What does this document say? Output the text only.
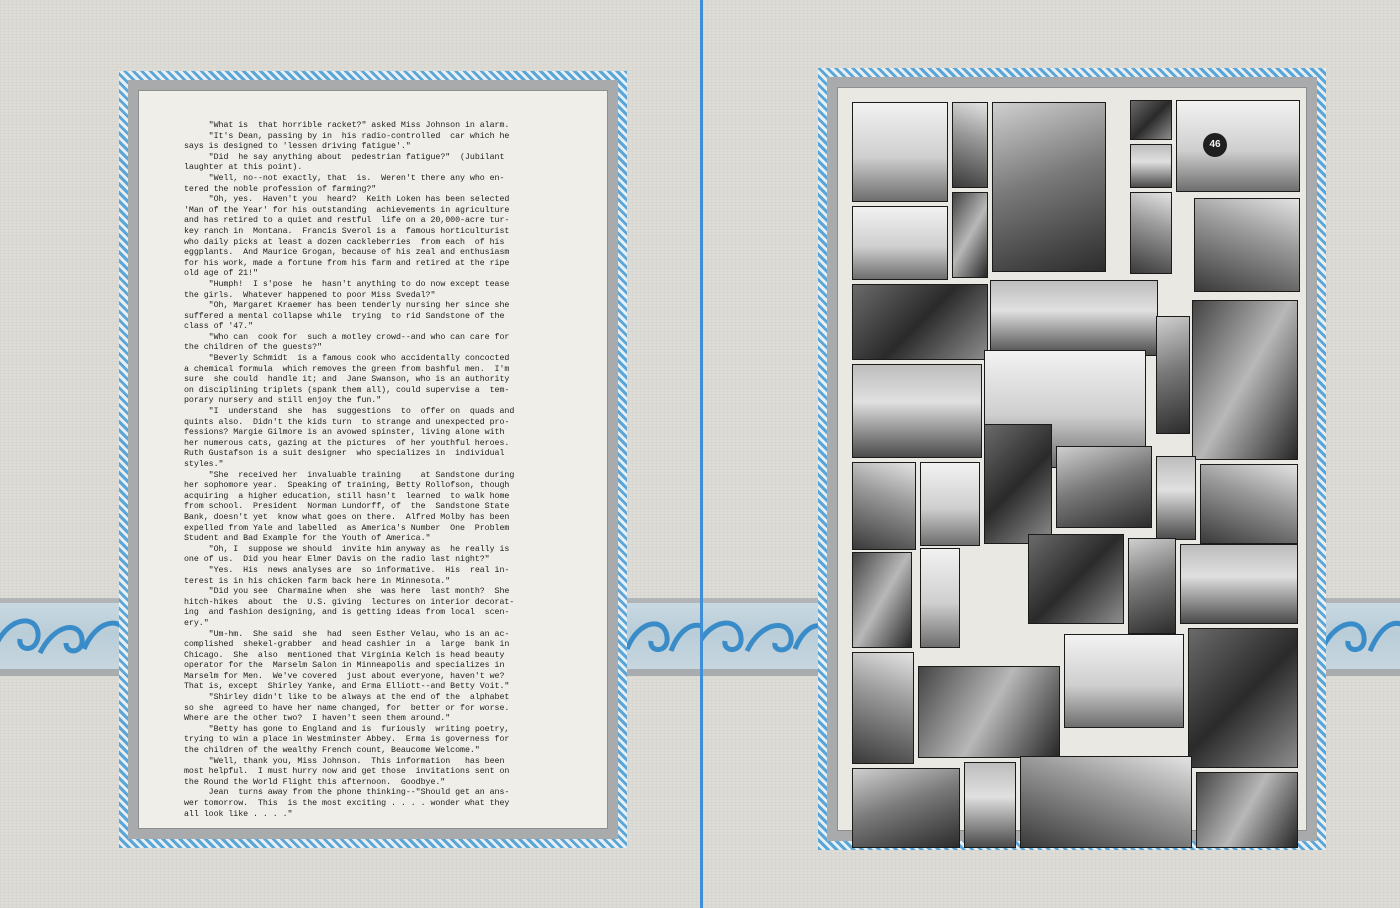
"What is  that horrible racket?" asked Miss Johnson in alarm.

"It's Dean, passing by in  his radio-controlled  car which he
says is designed to 'lessen driving fatigue'."

"Did  he say anything about  pedestrian fatigue?"  (Jubilant
laughter at this point).

"Well, no--not exactly, that  is.  Weren't there any who en-
tered the noble profession of farming?"

"Oh, yes.  Haven't you  heard?  Keith Loken has been selected
'Man of the Year' for his outstanding  achievements in agriculture
and has retired to a quiet and restful  life on a 20,000-acre tur-
key ranch in  Montana.  Francis Sverol is a  famous horticulturist
who daily picks at least a dozen cackleberries  from each  of his
eggplants.  And Maurice Grogan, because of his zeal and enthusiasm
for his work, made a fortune from his farm and retired at the ripe
old age of 21!"

"Humph!  I s'pose  he  hasn't anything to do now except tease
the girls.  Whatever happened to poor Miss Svedal?"

"Oh, Margaret Kraemer has been tenderly nursing her since she
suffered a mental collapse while  trying  to rid Sandstone of the
class of '47."

"Who can  cook for  such a motley crowd--and who can care for
the children of the guests?"

"Beverly Schmidt  is a famous cook who accidentally concocted
a chemical formula  which removes the green from bashful men.  I'm
sure  she could  handle it; and  Jane Swanson, who is an authority
on disciplining triplets (spank them all), could supervise a  tem-
porary nursery and still enjoy the fun."

"I  understand  she  has  suggestions  to  offer on  quads and
quints also.  Didn't the kids turn  to strange and unexpected pro-
fessions? Margie Gilmore is an avowed spinster, living alone with
her numerous cats, gazing at the pictures  of her youthful heroes.
Ruth Gustafson is a suit designer  who specializes in  individual
styles."

"She  received her  invaluable training    at Sandstone during
her sophomore year.  Speaking of training, Betty Rollofson, though
acquiring  a higher education, still hasn't  learned  to walk home
from school.  President  Norman Lundorff, of  the  Sandstone State
Bank, doesn't yet  know what goes on there.  Alfred Molby has been
expelled from Yale and labelled  as America's Number  One  Problem
Student and Bad Example for the Youth of America."

"Oh, I  suppose we should  invite him anyway as  he really is
one of us.  Did you hear Elmer Davis on the radio last night?"

"Yes.  His  news analyses are  so informative.  His  real in-
terest is in his chicken farm back here in Minnesota."

"Did you see  Charmaine when  she  was here  last month?  She
hitch-hikes  about  the  U.S. giving  lectures on interior decorat-
ing  and fashion designing, and is getting ideas from local  scen-
ery."

"Um-hm.  She said  she  had  seen Esther Velau, who is an ac-
complished  shekel-grabber  and head cashier in  a  large  bank in
Chicago.  She  also  mentioned that Virginia Kelch is head beauty
operator for the  Marselm Salon in Minneapolis and specializes in
Marselm for Men.  We've covered  just about everyone, haven't we?
That is, except  Shirley Yanke, and Erma Elliott--and Betty Voit."

"Shirley didn't like to be always at the end of the  alphabet
so she  agreed to have her name changed, for  better or for worse.
Where are the other two?  I haven't seen them around."

"Betty has gone to England and is  furiously  writing poetry,
trying to win a place in Westminster Abbey.  Erma is governess for
the children of the wealthy French count, Beaucome Welcome."

"Well, thank you, Miss Johnson.  This information   has been
most helpful.  I must hurry now and get those  invitations sent on
the Round the World Flight this afternoon.  Goodbye."

Jean  turns away from the phone thinking--"Should get an ans-
wer tomorrow.  This  is the most exciting . . . . wonder what they
all look like . . . ."

46
